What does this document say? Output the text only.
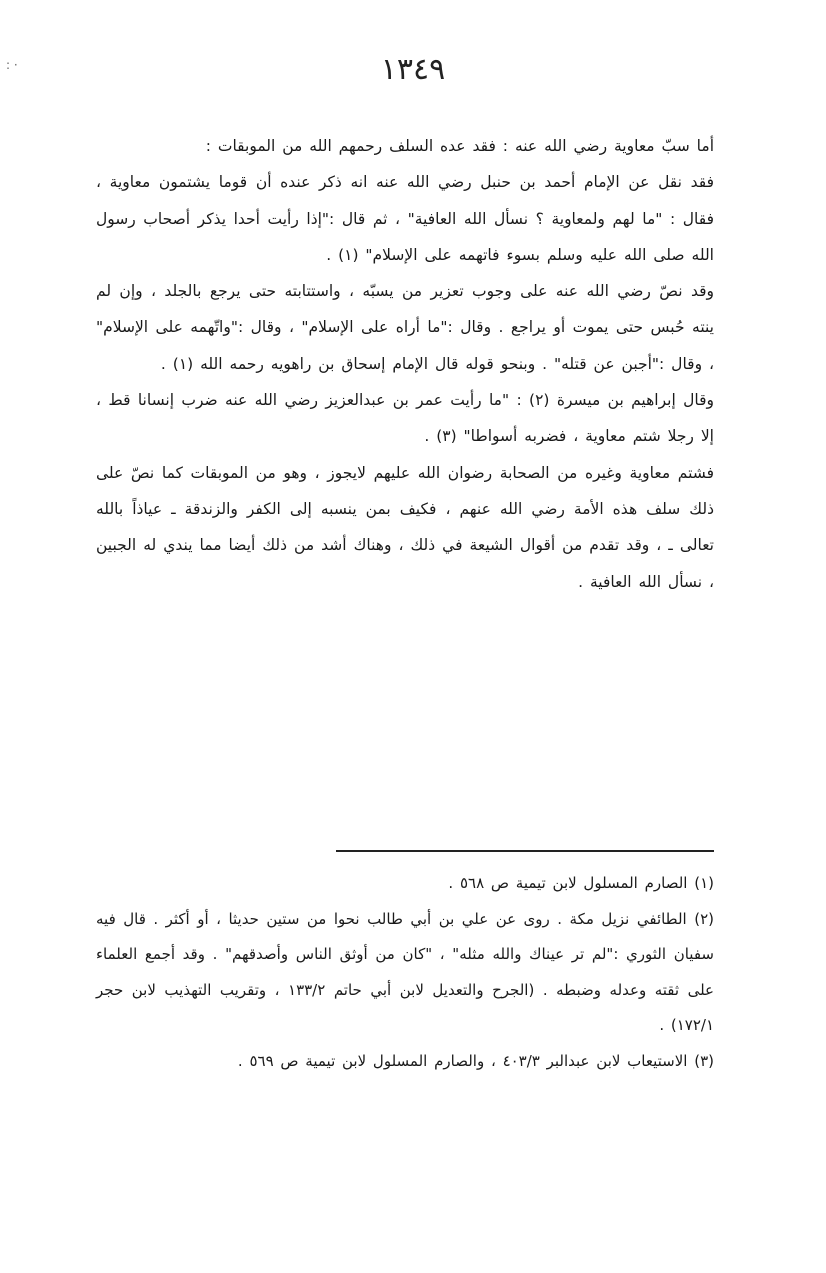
: ·	١٣٤٩

أما سبّ معاوية رضي الله عنه : فقد عده السلف رحمهم الله من الموبقات :

فقد نقل عن الإمام أحمد بن حنبل رضي الله عنه انه ذكر عنده أن قوما يشتمون معاوية ، فقال : "ما لهم ولمعاوية ؟ نسأل الله العافية" ، ثم قال :"إذا رأيت أحدا يذكر أصحاب رسول الله صلى الله عليه وسلم بسوء فاتهمه على الإسلام" (١) .

وقد نصّ رضي الله عنه على وجوب تعزير من يسبّه ، واستتابته حتى يرجع بالجلد ، وإن لم ينته حُبس حتى يموت أو يراجع . وقال :"ما أراه على الإسلام" ، وقال :"واتّهمه على الإسلام" ، وقال :"أجبن عن قتله" . وبنحو قوله قال الإمام إسحاق بن راهويه رحمه الله (١) .

وقال إبراهيم بن ميسرة (٢) : "ما رأيت عمر بن عبدالعزيز رضي الله عنه ضرب إنسانا قط ، إلا رجلا شتم معاوية ، فضربه أسواطا" (٣) .

فشتم معاوية وغيره من الصحابة رضوان الله عليهم لايجوز ، وهو من الموبقات كما نصّ على ذلك سلف هذه الأمة رضي الله عنهم ، فكيف بمن ينسبه إلى الكفر والزندقة ـ عياذاً بالله تعالى ـ ، وقد تقدم من أقوال الشيعة في ذلك ، وهناك أشد من ذلك أيضا مما يندي له الجبين ، نسأل الله العافية .

(١) الصارم المسلول لابن تيمية ص ٥٦٨ .

(٢) الطائفي نزيل مكة . روى عن علي بن أبي طالب نحوا من ستين حديثا ، أو أكثر . قال فيه سفيان الثوري :"لم تر عيناك والله مثله" ، "كان من أوثق الناس وأصدقهم" . وقد أجمع العلماء على ثقته وعدله وضبطه . (الجرح والتعديل لابن أبي حاتم ١٣٣/٢ ، وتقريب التهذيب لابن حجر ١٧٢/١) .

(٣) الاستيعاب لابن عبدالبر ٤٠٣/٣ ، والصارم المسلول لابن تيمية ص ٥٦٩ .
